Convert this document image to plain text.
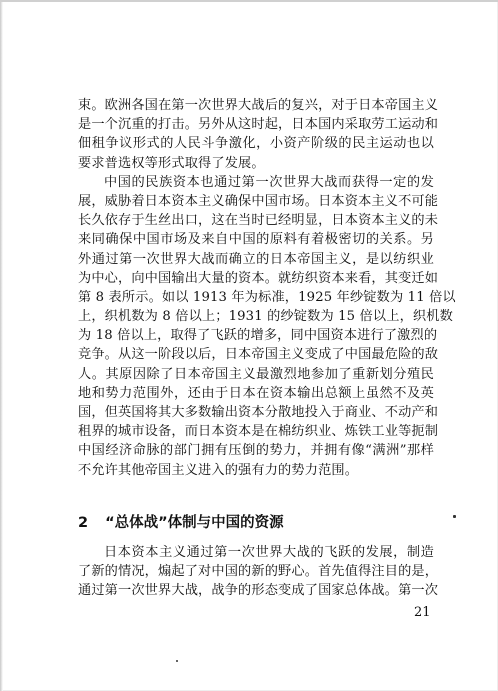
束。欧洲各国在第一次世界大战后的复兴，对于日本帝国主义
是一个沉重的打击。另外从这时起，日本国内采取劳工运动和
佃租争议形式的人民斗争激化，小资产阶级的民主运动也以
要求普选权等形式取得了发展。
中国的民族资本也通过第一次世界大战而获得一定的发
展，威胁着日本资本主义确保中国市场。日本资本主义不可能
长久依存于生丝出口，这在当时已经明显，日本资本主义的未
来同确保中国市场及来自中国的原料有着极密切的关系。另
外通过第一次世界大战而确立的日本帝国主义，是以纺织业
为中心，向中国输出大量的资本。就纺织资本来看，其变迁如
第 8 表所示。如以 1913 年为标准，1925 年纱锭数为 11 倍以
上，织机数为 8 倍以上；1931 的纱锭数为 15 倍以上，织机数
为 18 倍以上，取得了飞跃的增多，同中国资本进行了激烈的
竞争。从这一阶段以后，日本帝国主义变成了中国最危险的敌
人。其原因除了日本帝国主义最激烈地参加了重新划分殖民
地和势力范围外，还由于日本在资本输出总额上虽然不及英
国，但英国将其大多数输出资本分散地投入于商业、不动产和
租界的城市设备，而日本资本是在棉纺织业、炼铁工业等扼制
中国经济命脉的部门拥有压倒的势力，并拥有像“满洲”那样
不允许其他帝国主义进入的强有力的势力范围。
2 “总体战”体制与中国的资源
日本资本主义通过第一次世界大战的飞跃的发展，制造
了新的情况，煽起了对中国的新的野心。首先值得注目的是，
通过第一次世界大战，战争的形态变成了国家总体战。第一次
21
